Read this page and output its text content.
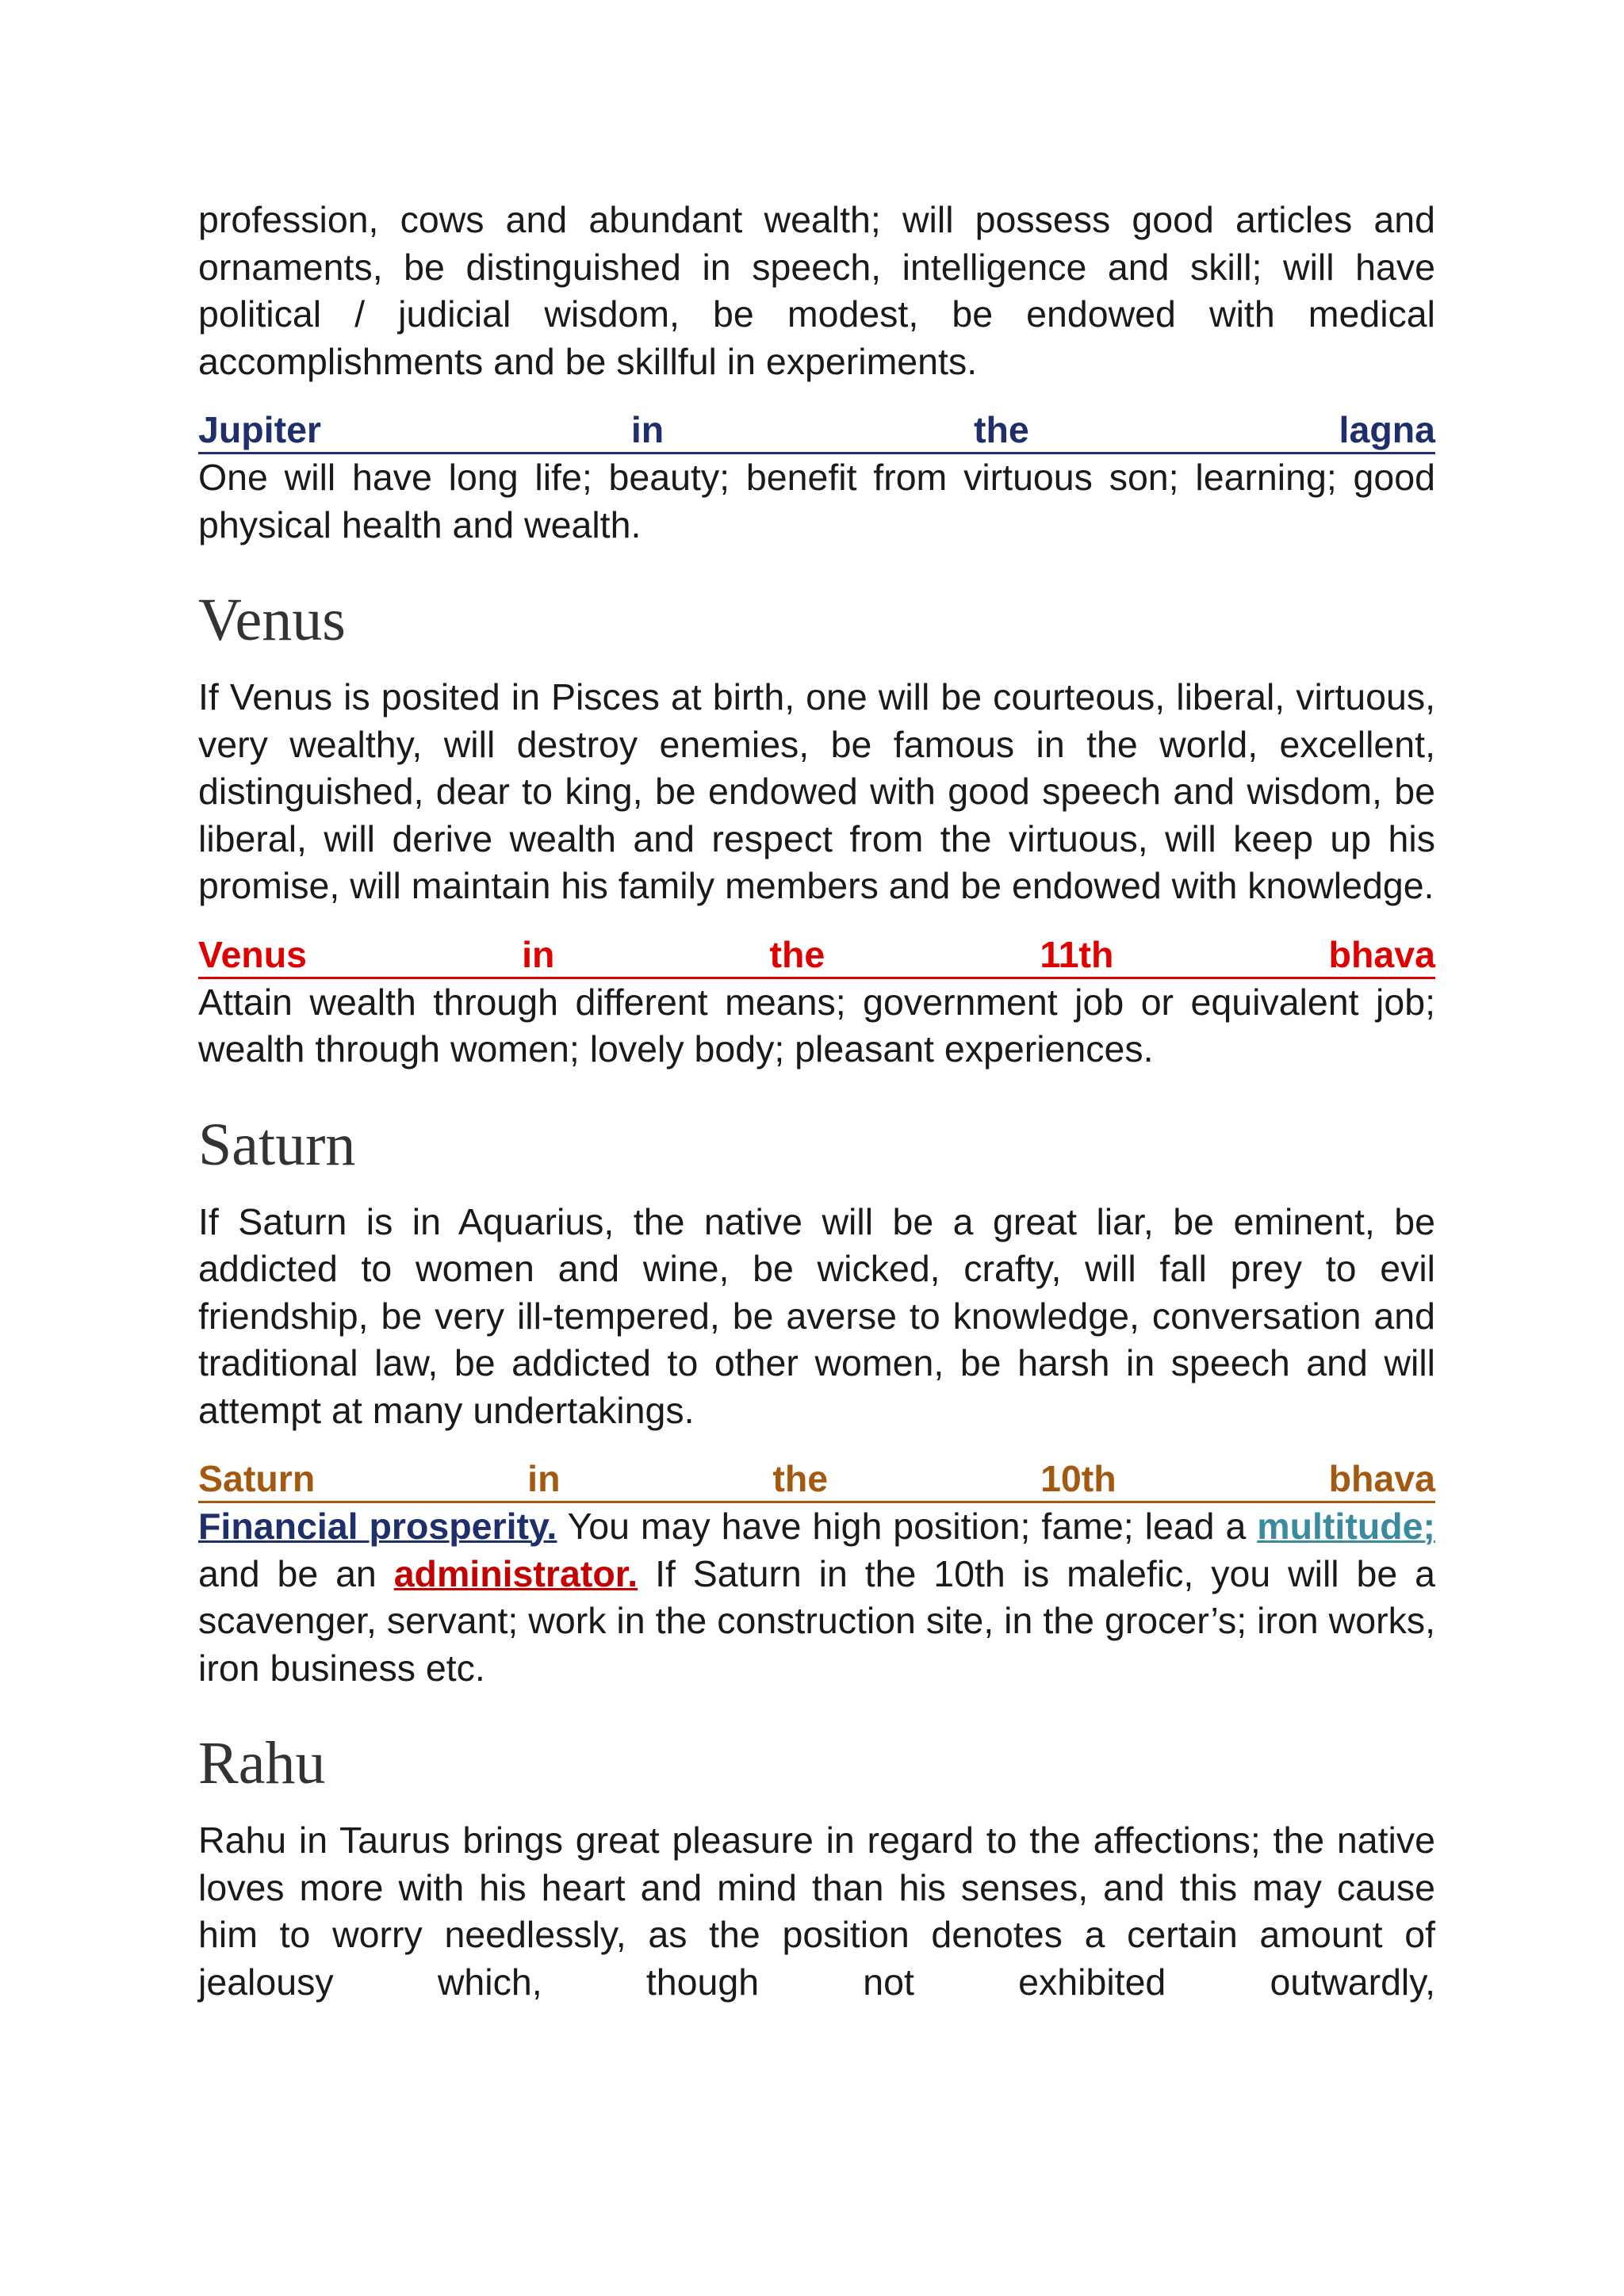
profession, cows and abundant wealth; will possess good articles and ornaments, be distinguished in speech, intelligence and skill; will have political / judicial wisdom, be modest, be endowed with medical accomplishments and be skillful in experiments.

Jupiter	in	the	lagna

One will have long life; beauty; benefit from virtuous son; learning; good physical health and wealth.

Venus

If Venus is posited in Pisces at birth, one will be courteous, liberal, virtuous, very wealthy, will destroy enemies, be famous in the world, excellent, distinguished, dear to king, be endowed with good speech and wisdom, be liberal, will derive wealth and respect from the virtuous, will keep up his promise, will maintain his family members and be endowed with knowledge.

Venus	in	the	11th	bhava

Attain wealth through different means; government job or equivalent job; wealth through women; lovely body; pleasant experiences.

Saturn

If Saturn is in Aquarius, the native will be a great liar, be eminent, be addicted to women and wine, be wicked, crafty, will fall prey to evil friendship, be very ill-tempered, be averse to knowledge, conversation and traditional law, be addicted to other women, be harsh in speech and will attempt at many undertakings.

Saturn	in	the	10th	bhava

Financial prosperity. You may have high position; fame; lead a multitude; and be an administrator. If Saturn in the 10th is malefic, you will be a scavenger, servant; work in the construction site, in the grocer’s; iron works, iron business etc.

Rahu

Rahu in Taurus brings great pleasure in regard to the affections; the native loves more with his heart and mind than his senses, and this may cause him to worry needlessly, as the position denotes a certain amount of jealousy which, though not exhibited outwardly,
